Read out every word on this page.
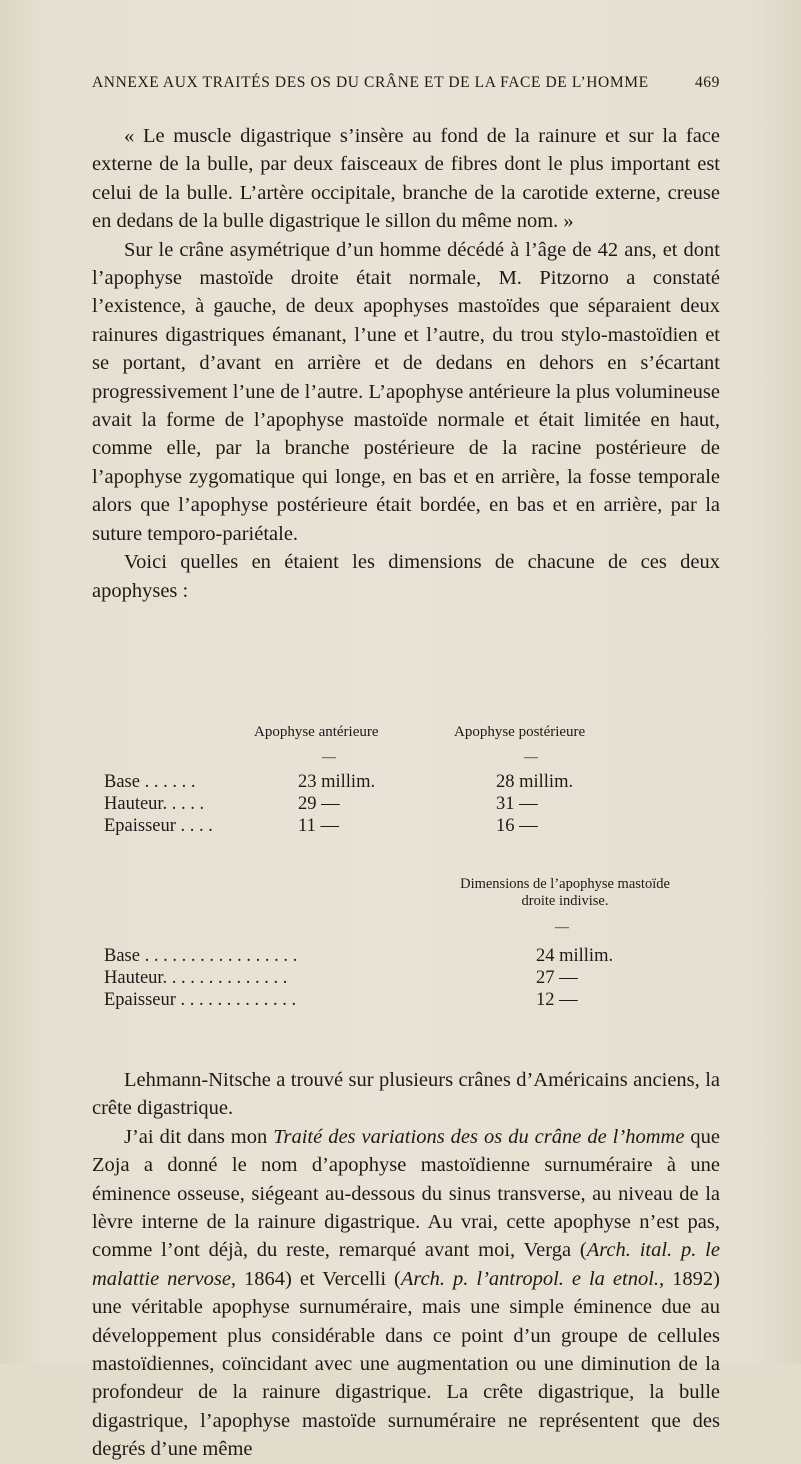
ANNEXE AUX TRAITÉS DES OS DU CRÂNE ET DE LA FACE DE L’HOMME	469

« Le muscle digastrique s’insère au fond de la rainure et sur la face externe de la bulle, par deux faisceaux de fibres dont le plus important est celui de la bulle. L’artère occipitale, branche de la carotide externe, creuse en dedans de la bulle digastrique le sillon du même nom. »

Sur le crâne asymétrique d’un homme décédé à l’âge de 42 ans, et dont l’apophyse mastoïde droite était normale, M. Pitzorno a constaté l’existence, à gauche, de deux apophyses mastoïdes que séparaient deux rainures digastriques émanant, l’une et l’autre, du trou stylo-mastoïdien et se portant, d’avant en arrière et de dedans en dehors en s’écartant progressivement l’une de l’autre. L’apophyse antérieure la plus volumineuse avait la forme de l’apophyse mastoïde normale et était limitée en haut, comme elle, par la branche postérieure de la racine postérieure de l’apophyse zygomatique qui longe, en bas et en arrière, la fosse temporale alors que l’apophyse postérieure était bordée, en bas et en arrière, par la suture temporo-pariétale.

Voici quelles en étaient les dimensions de chacune de ces deux apophyses :

Apophyse antérieure	Apophyse postérieure
—	—
Base . . . . . .	23 millim.	28 millim.
Hauteur. . . . .	29 —	31 —
Epaisseur . . . .	11 —	16 —
Dimensions de l’apophyse mastoïde droite indivise.
—
Base . . . . . . . . . . . . . . . . .	24 millim.
Hauteur. . . . . . . . . . . . . .	27 —
Epaisseur . . . . . . . . . . . . .	12 —

Lehmann-Nitsche a trouvé sur plusieurs crânes d’Américains anciens, la crête digastrique.

J’ai dit dans mon Traité des variations des os du crâne de l’homme que Zoja a donné le nom d’apophyse mastoïdienne surnuméraire à une éminence osseuse, siégeant au-dessous du sinus transverse, au niveau de la lèvre interne de la rainure digastrique. Au vrai, cette apophyse n’est pas, comme l’ont déjà, du reste, remarqué avant moi, Verga (Arch. ital. p. le malattie nervose, 1864) et Vercelli (Arch. p. l’antropol. e la etnol., 1892) une véritable apophyse surnuméraire, mais une simple éminence due au développement plus considérable dans ce point d’un groupe de cellules mastoïdiennes, coïncidant avec une augmentation ou une diminution de la profondeur de la rainure digastrique. La crête digastrique, la bulle digastrique, l’apophyse mastoïde surnuméraire ne représentent que des degrés d’une même
